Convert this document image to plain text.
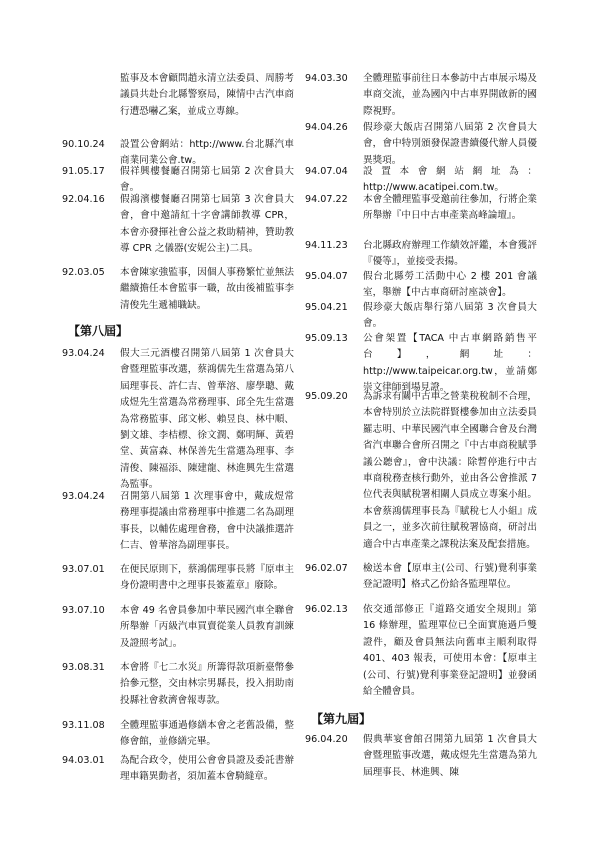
監事及本會顧問趙永清立法委員、周勝考議員共赴台北縣警察局，陳情中古汽車商行遭恐嚇乙案，並成立專線。
90.10.24	設置公會網站：http://www.台北縣汽車商業同業公會.tw。
91.05.17	假祥興樓餐廳召開第七屆第 2 次會員大會。
92.04.16	假鴻濱樓餐廳召開第七屆第 3 次會員大會，會中邀請紅十字會講師教導 CPR，本會亦發揮社會公益之救助精神，贊助教導 CPR 之儀器(安妮公主)二具。
92.03.05	本會陳家強監事，因個人事務繁忙並無法繼續擔任本會監事一職，故由後補監事李清俊先生遞補職缺。
【第八屆】
93.04.24	假大三元酒樓召開第八屆第 1 次會員大會暨理監事改選，蔡鴻儒先生當選為第八屆理事長、許仁吉、曾華溶、廖學聰、戴成煜先生當選為常務理事、邱全先生當選為常務監事、邱文彬、賴昱良、林中順、劉文雄、李桔標、徐文潤、鄭明輝、黃碧堂、黃富森、林保善先生當選為理事、李清俊、陳福添、陳建龍、林進興先生當選為監事。
93.04.24	召開第八屆第 1 次理事會中，戴成煜常務理事提議由常務理事中推選二名為副理事長，以輔佐處理會務，會中決議推選許仁吉、曾華溶為副理事長。
93.07.01	在便民原則下，蔡鴻儒理事長將『原車主身份證明書中之理事長簽蓋章』廢除。
93.07.10	本會 49 名會員參加中華民國汽車全聯會所舉辦「丙級汽車買賣從業人員教育訓練及證照考試」。
93.08.31	本會將『七二水災』所籌得款項新臺幣參拾參元整，交由林宗男縣長，投入捐助南投縣社會救濟會報專款。
93.11.08	全體理監事通過修繕本會之老舊設備，整修會館，並修繕完畢。
94.03.01	為配合政令，使用公會會員證及委託書辦理車籍異動者，須加蓋本會騎縫章。
94.03.30	全體理監事前往日本參訪中古車展示場及車商交流，並為國內中古車界開啟新的國際視野。
94.04.26	假珍豪大飯店召開第八屆第 2 次會員大會，會中特別頒發保證書續優代辦人員優異獎項。
94.07.04	設置本會網站網址為：http://www.acatipei.com.tw。
94.07.22	本會全體理監事受邀前往參加，行將企業所舉辦『中日中古車產業高峰論壇』。
94.11.23	台北縣政府辦理工作績效評鑑，本會獲評『優等』，並接受表揚。
95.04.07	假台北縣勞工活動中心 2 樓 201 會議室，舉辦【中古車商研討座談會】。
95.04.21	假珍豪大飯店舉行第八屆第 3 次會員大會。
95.09.13	公會架置【TACA 中古車網路銷售平台】，網址：http://www.taipeicar.org.tw，並請鄭崇文律師到場見證。
95.09.20	為訴求有關中古車之營業稅稅制不合理，本會特別於立法院群賢樓參加由立法委員羅志明、中華民國汽車全國聯合會及台灣省汽車聯合會所召開之『中古車商稅賦爭議公聽會』，會中決議：除暫停進行中古車商稅務查核行動外，並由各公會推派 7 位代表與賦稅署相關人員成立專案小組。本會蔡鴻儒理事長為『賦稅七人小組』成員之一，並多次前往賦稅署協商，研討出適合中古車產業之課稅法案及配套措施。
96.02.07	檢送本會【原車主(公司、行號)覺利事業登記證明】格式乙份給各監理單位。
96.02.13	依交通部修正『道路交通安全規則』第 16 條辦理，監理單位已全面實施過戶雙證件，顧及會員無法向舊車主順利取得 401、403 報表，可使用本會：【原車主(公司、行號)覺利事業登記證明】並發函給全體會員。
【第九屆】
96.04.20	假典華宴會館召開第九屆第 1 次會員大會暨理監事改選，戴成煜先生當選為第九屆理事長、林進興、陳
